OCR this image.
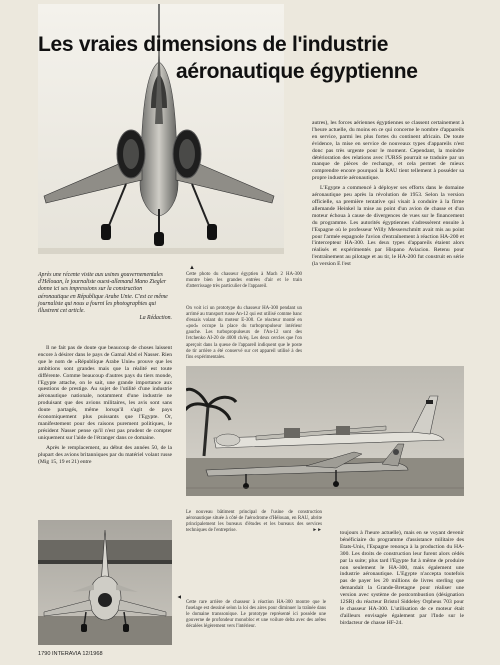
Les vraies dimensions de l'industrie
aéronautique égyptienne
Après une récente visite aux usines gouvernementales d'Hélouan, le journaliste ouest-allemand Mano Ziegler donne ici ses impressions sur la construction aéronautique en République Arabe Unie. C'est ce même journaliste qui nous a fourni les photographies qui illustrent cet article.
La Rédaction.
▲
Cette photo du chasseur égyptien à Mach 2 HA-300 montre bien les grandes entrées d'air et le train d'atterrissage très particulier de l'appareil.
On voit ici un prototype du chasseur HA-300 pendant un arrimé au transport russe An-12 qui est utilisé comme banc d'essais volant du moteur E-300. Ce réacteur monté en «pod» occupe la place du turbopropulseur intérieur gauche. Les turbopropulseurs de l'An-12 sont des Ivtchenko AI-20 de 4000 ch/éq. Les deux cercles que l'on aperçoit dans la queue de l'appareil indiquent que le poste de tir arrière a été conservé sur cet appareil utilisé à des fins expérimentales.

Il ne fait pas de doute que beaucoup de choses laissent encore à désirer dans le pays de Gamal Abd el Nasser. Rien que le nom de «République Arabe Unie» prouve que les ambitions sont grandes mais que la réalité est toute différente. Comme beaucoup d'autres pays du tiers monde, l'Egypte attache, on le sait, une grande importance aux questions de prestige. Au sujet de l'utilité d'une industrie aéronautique nationale, notamment d'une industrie ne produisant que des avions militaires, les avis sont sans doute partagés, même lorsqu'il s'agit de pays économiquement plus puissants que l'Egypte. Or, manifestement pour des raisons purement politiques, le président Nasser pense qu'il n'est pas prudent de compter uniquement sur l'aide de l'étranger dans ce domaine.

Après le remplacement, au début des années 50, de la plupart des avions britanniques par du matériel volant russe (Mig 15, 19 et 21) entre

autres), les forces aériennes égyptiennes se classent certainement à l'heure actuelle, du moins en ce qui concerne le nombre d'appareils en service, parmi les plus fortes du continent africain. De toute évidence, la mise en service de nouveaux types d'appareils n'est donc pas très urgente pour le moment. Cependant, la moindre détérioration des relations avec l'URSS pourrait se traduire par un manque de pièces de rechange, et cela permet de mieux comprendre encore pourquoi la RAU tient tellement à posséder sa propre industrie aéronautique.

L'Egypte a commencé à déployer ses efforts dans le domaine aéronautique peu après la révolution de 1953. Selon la version officielle, sa première tentative qui visait à conduire à la firme allemande Heinkel la mise au point d'un avion de chasse et d'un moteur échoua à cause de divergences de vues sur le financement du programme. Les autorités égyptiennes s'adressèrent ensuite à l'Espagne où le professeur Willy Messerschmitt avait mis au point pour l'armée espagnole l'avion d'entraînement à réaction HA-200 et l'intercepteur HA-300. Les deux types d'appareils étaient alors réalisés et expérimentés par Hispano Aviacion. Retenu pour l'entraînement au pilotage et au tir, le HA-200 fut construit en série (la version E l'est

Le nouveau bâtiment principal de l'usine de construction aéronautique située à côté de l'aérodrome d'Hélouan, en RAU, abrite principalement les bureaux d'études et les bureaux des services techniques de l'entreprise.	►►	toujours à l'heure actuelle), mais en se voyant devenir bénéficiaire du programme d'assistance militaire des Etats-Unis, l'Espagne renonça à la production du HA-300. Les droits de construction leur furent alors cédés par la suite; plus tard l'Egypte fut à même de produire non seulement le HA-300, mais également une industrie aéronautique. L'Egypte n'accepta toutefois pas de payer les 20 millions de livres sterling que demandait la Grande-Bretagne pour réaliser une version avec système de postcombustion (désignation 12SR) du réacteur Bristol Siddeley Orpheus 703 pour le chasseur HA-300. L'utilisation de ce moteur était d'ailleurs envisagée également par l'Inde sur le birdacteur de chasse HF-24.

▲
Cette rare arrière de chasseur à réaction HA-300 montre que le fuselage est dessiné selon la loi des aires pour diminuer la traînée dans le domaine transsonique. Le prototype représenté ici possède une gouverne de profondeur monobloc et une voilure delta avec des arêtes décalées légèrement vers l'intérieur.
1790 INTERAVIA 12/1968
